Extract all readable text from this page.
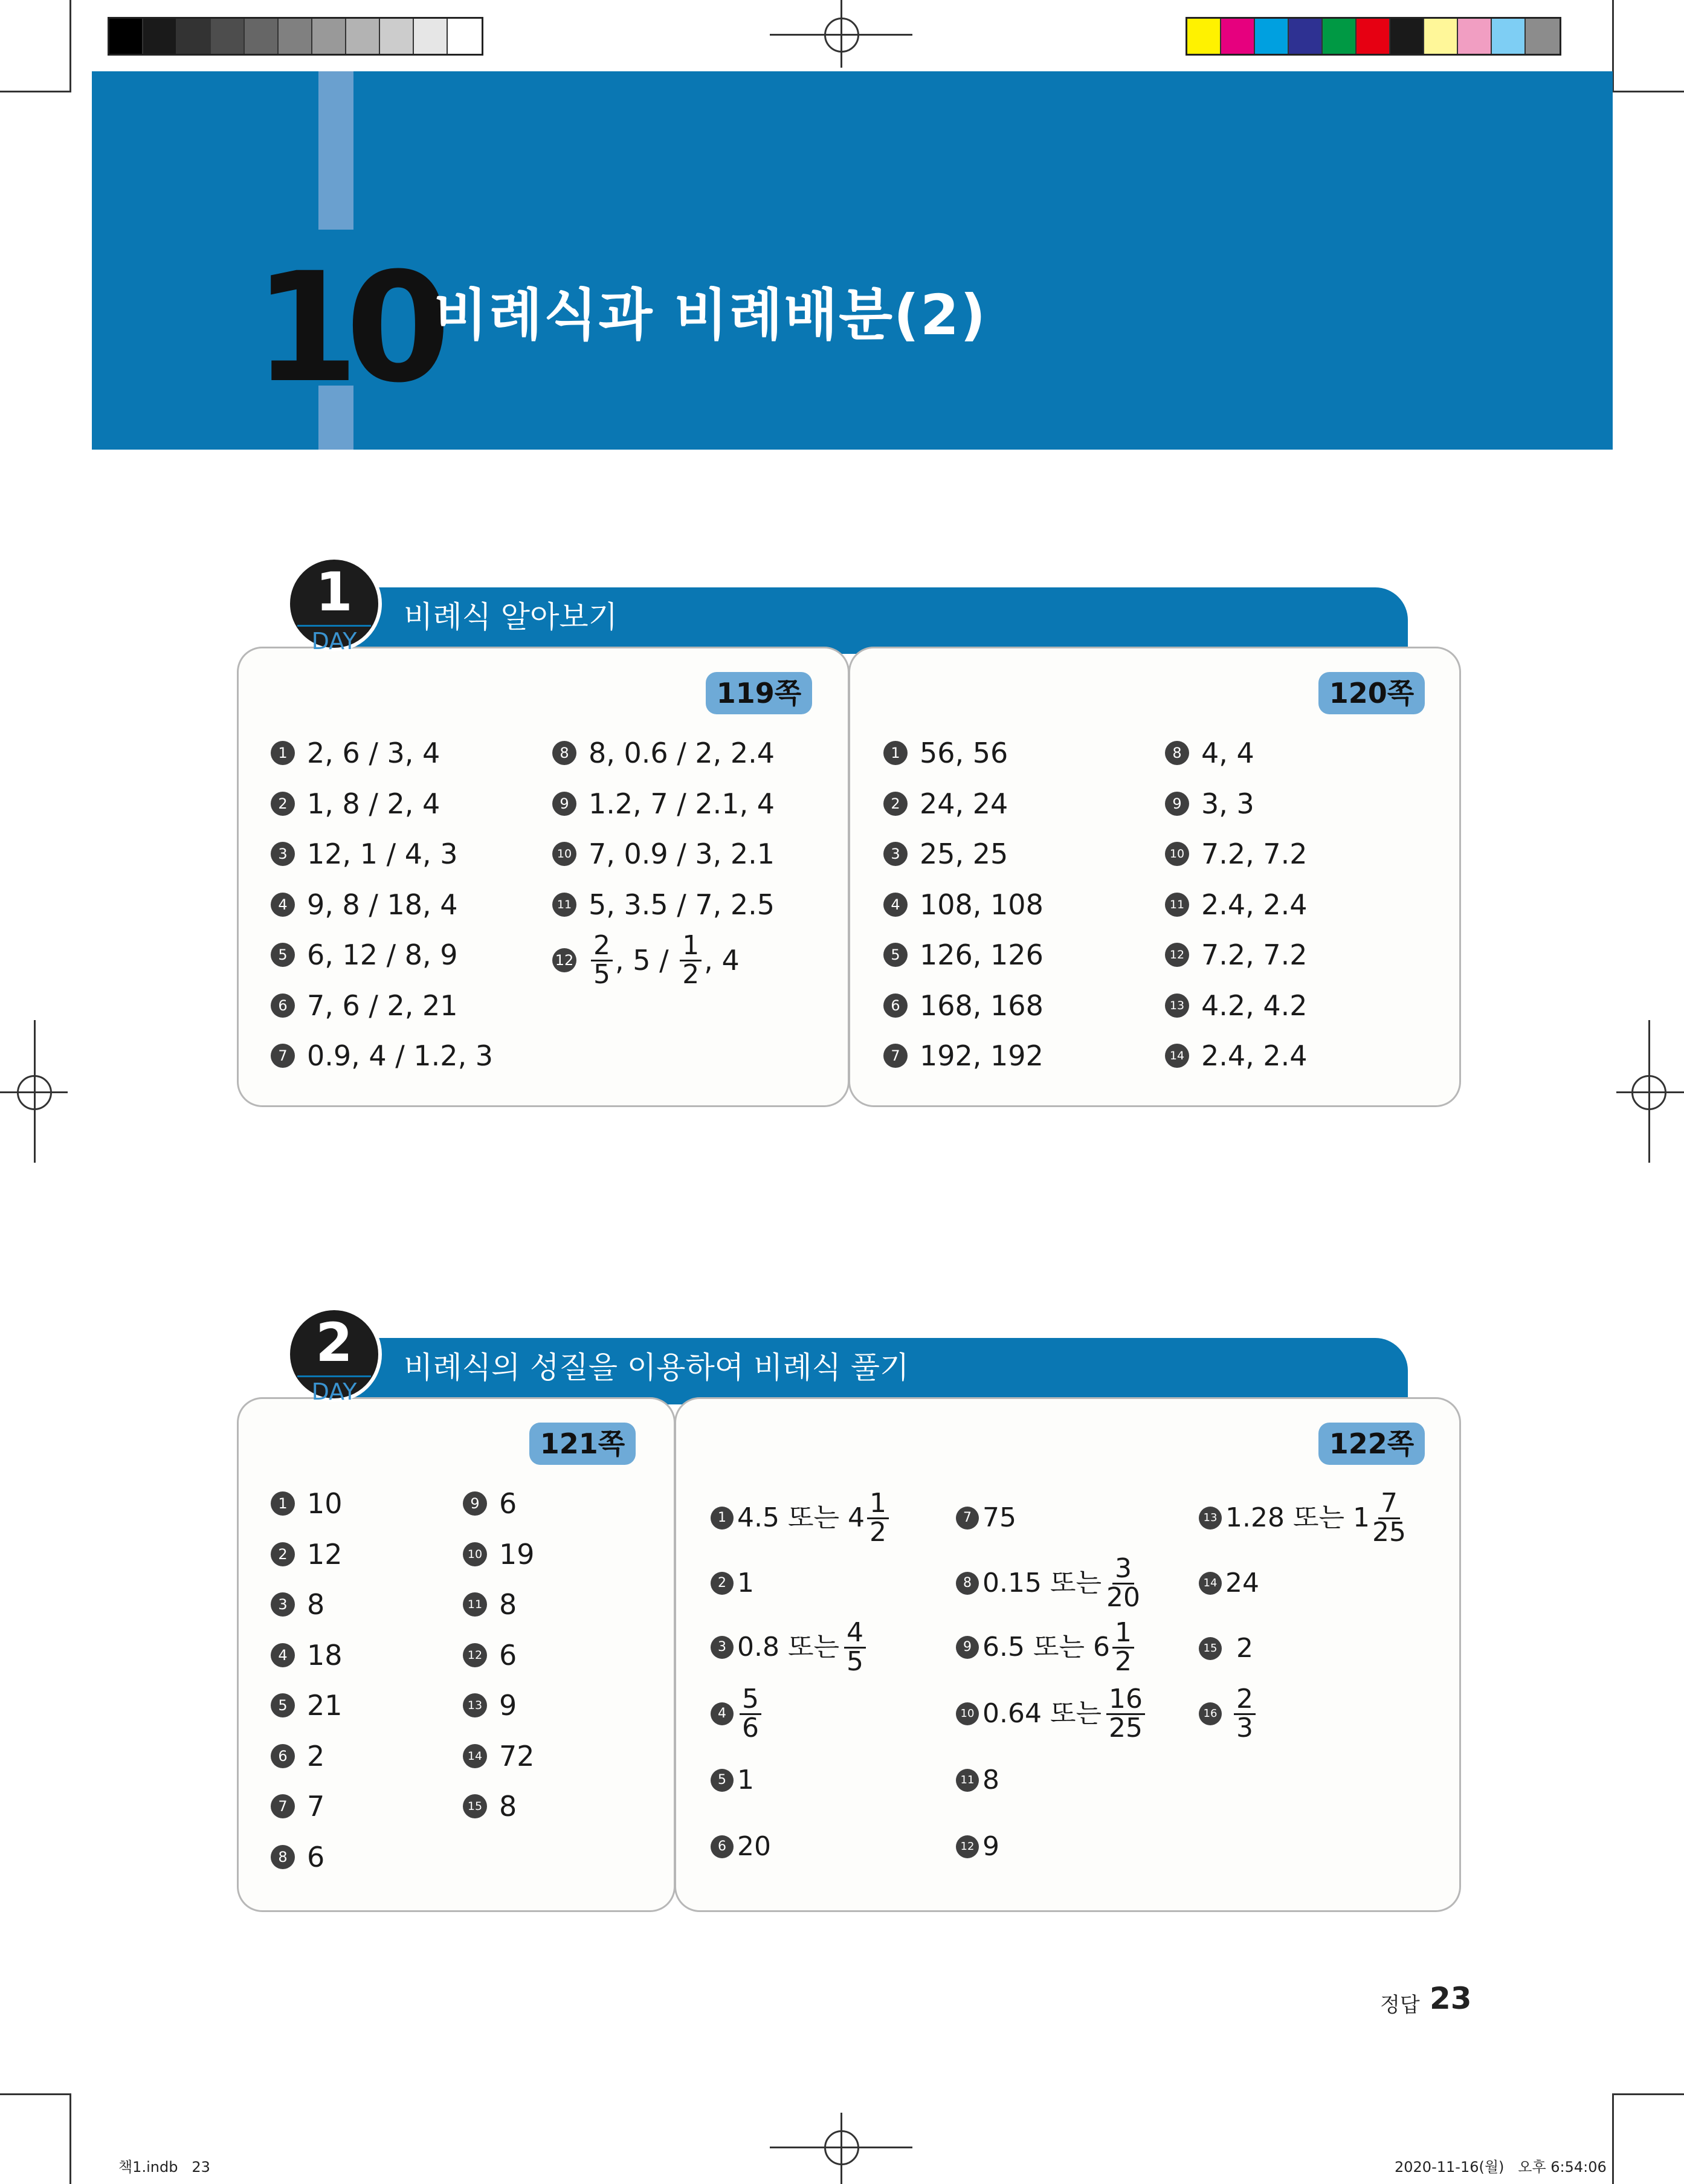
10
비례식과 비례배분(2)
비례식 알아보기
1
DAY
119쪽	120쪽
1 2, 6 / 3, 4
2 1, 8 / 2, 4
3 12, 1 / 4, 3
4 9, 8 / 18, 4
5 6, 12 / 8, 9
6 7, 6 / 2, 21
7 0.9, 4 / 1.2, 3
8 8, 0.6 / 2, 2.4
9 1.2, 7 / 2.1, 4
10 7, 0.9 / 3, 2.1
11 5, 3.5 / 7, 2.5
1 56, 56
2 24, 24
3 25, 25
4 108, 108
5 126, 126
6 168, 168
7 192, 192
8 4, 4
9 3, 3
10 7.2, 7.2
11 2.4, 2.4
12 7.2, 7.2
13 4.2, 4.2
14 2.4, 2.4
$12 \frac{2}{5}$ , $5 / \frac{1}{2}$ , 4
비례식의 성질을 이용하여 비례식 풀기
2
DAY
121쪽	122쪽
1 10
2 12
3 8
4 18
5 21
6 2
7 7
8 6
9 6
10 19
11 8
12 6
13 9
14 72
15 8
1 4.5 또는 $4 \frac{1}{2}$
2 1
3 0.8 또는 $\frac{4}{5}$
$4 \frac{5}{6}$
5 1
6 20
7 75
8 0.15 또는 $\frac{3}{20}$
9 6.5 또는 $6 \frac{1}{2}$
10 0.64 또는 $\frac{16}{25}$
11 8
12 9
13 1.28 또는 $1 \frac{7}{25}$
14 24
15 2
$16 \frac{2}{3}$
정답 23
책1.indb   23	2020-11-16(월)   오후 6:54:06
